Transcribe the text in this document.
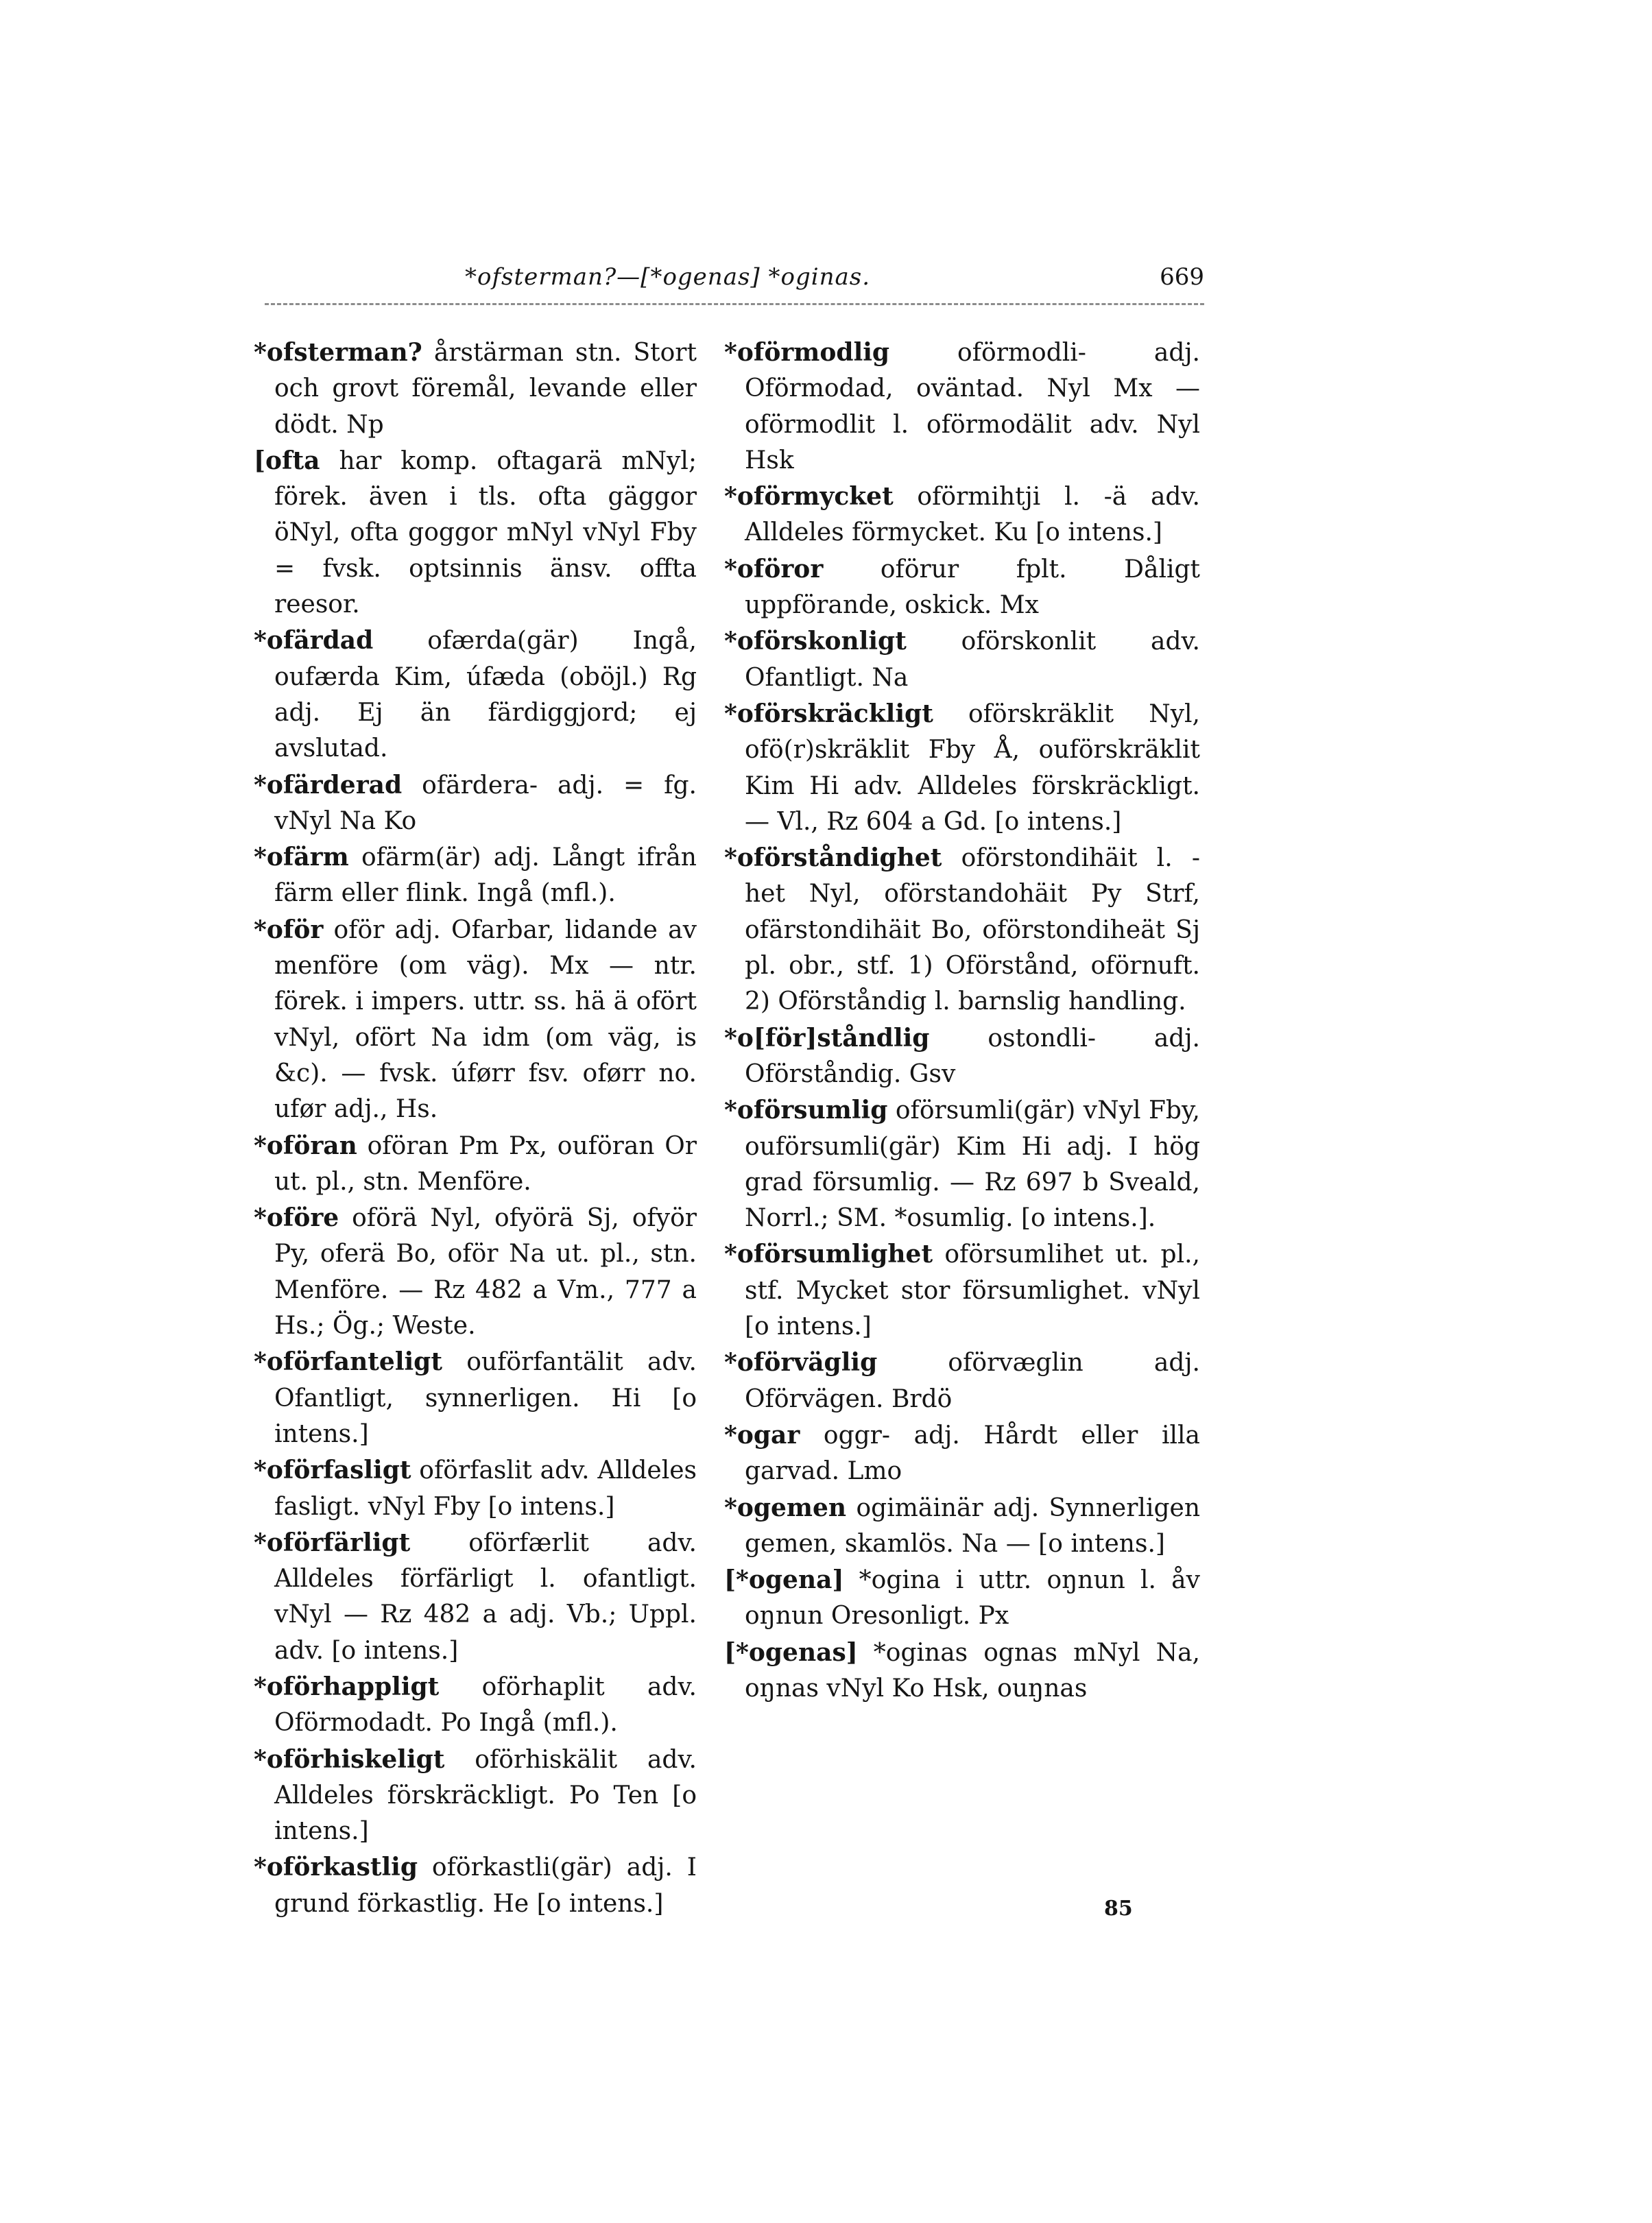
*ofsterman?—[*ogenas] *oginas.	669

*ofsterman? årstärman stn. Stort och grovt föremål, levande eller dödt. Np

[ofta har komp. oftagarä mNyl; förek. även i tls. ofta gäggor öNyl, ofta goggor mNyl vNyl Fby = fvsk. optsinnis änsv. offta reesor.

*ofärdad ofærda(gär) Ingå, oufærda Kim, úfæda (oböjl.) Rg adj. Ej än färdiggjord; ej avslutad.

*ofärderad ofärdera- adj. = fg. vNyl Na Ko

*ofärm ofärm(är) adj. Långt ifrån färm eller flink. Ingå (mfl.).

*oför oför adj. Ofarbar, lidande av menföre (om väg). Mx — ntr. förek. i impers. uttr. ss. hä ä ofört vNyl, ofört Na idm (om väg, is &c). — fvsk. úførr fsv. oførr no. ufør adj., Hs.

*oföran oföran Pm Px, ouföran Or ut. pl., stn. Menföre.

*oföre oförä Nyl, ofyörä Sj, ofyör Py, oferä Bo, oför Na ut. pl., stn. Menföre. — Rz 482 a Vm., 777 a Hs.; Ög.; Weste.

*oförfanteligt ouförfantälit adv. Ofantligt, synnerligen. Hi [o intens.]

*oförfasligt oförfaslit adv. Alldeles fasligt. vNyl Fby [o intens.]

*oförfärligt oförfærlit adv. Alldeles förfärligt l. ofantligt. vNyl — Rz 482 a adj. Vb.; Uppl. adv. [o intens.]

*oförhappligt oförhaplit adv. Oförmodadt. Po Ingå (mfl.).

*oförhiskeligt oförhiskälit adv. Alldeles förskräckligt. Po Ten [o intens.]

*oförkastlig oförkastli(gär) adj. I grund förkastlig. He [o intens.]

*oförmodlig	oförmodli- adj. Oförmodad, oväntad. Nyl Mx — oförmodlit l. oförmodälit adv. Nyl Hsk

*oförmycket oförmihtji l. -ä adv. Alldeles förmycket. Ku [o intens.]

*oföror oförur fplt. Dåligt uppförande, oskick. Mx

*oförskonligt oförskonlit adv. Ofantligt. Na

*oförskräckligt oförskräklit Nyl, ofö(r)skräklit Fby Å, ouförskräklit Kim Hi adv. Alldeles förskräckligt. — Vl., Rz 604 a Gd. [o intens.]

*oförståndighet oförstondihäit l. -het Nyl, oförstandohäit Py Strf, ofärstondihäit Bo, oförstondiheät Sj pl. obr., stf. 1) Oförstånd, oförnuft. 2) Oförståndig l. barnslig handling.

*o[för]ståndlig ostondli- adj. Oförståndig. Gsv

*oförsumlig oförsumli(gär) vNyl Fby, ouförsumli(gär) Kim Hi adj. I hög grad försumlig. — Rz 697 b Sveald, Norrl.; SM. *osumlig. [o intens.].

*oförsumlighet oförsumlihet ut. pl., stf. Mycket stor försumlighet. vNyl [o intens.]

*oförväglig	oförvæglin adj. Oförvägen. Brdö

*ogar oggr- adj. Hårdt eller illa garvad. Lmo

*ogemen ogimäinär adj. Synnerligen gemen, skamlös. Na — [o intens.]

[*ogena] *ogina i uttr. oŋnun l. åv oŋnun Oresonligt. Px

[*ogenas] *oginas ognas mNyl Na, oŋnas vNyl Ko Hsk, ouŋnas

85
